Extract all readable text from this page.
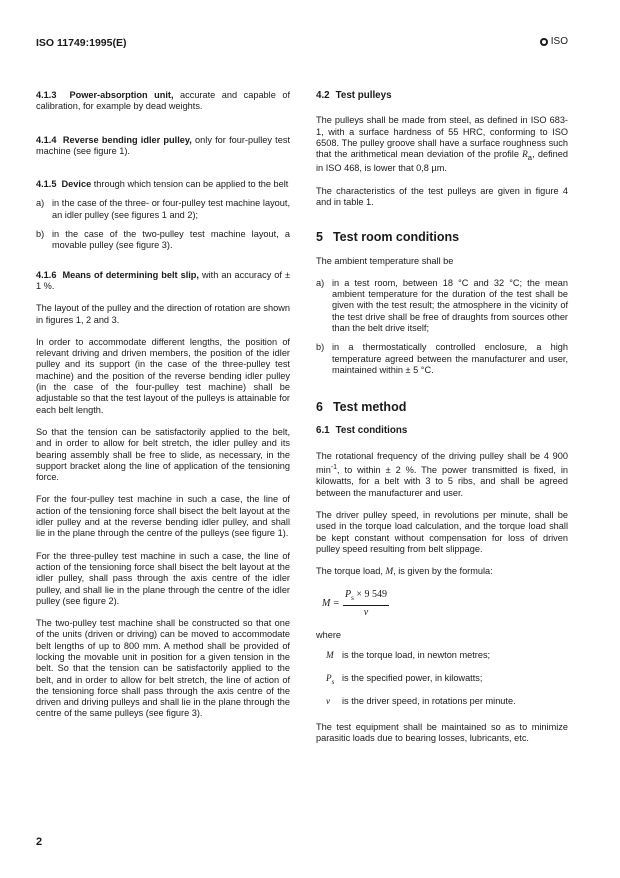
ISO 11749:1995(E)	ISO

4.1.3 Power-absorption unit, accurate and capable of calibration, for example by dead weights.

4.1.4 Reverse bending idler pulley, only for four-pulley test machine (see figure 1).

4.1.5 Device through which tension can be applied to the belt

a) in the case of the three- or four-pulley test machine layout, an idler pulley (see figures 1 and 2);
b) in the case of the two-pulley test machine layout, a movable pulley (see figure 3).

4.1.6 Means of determining belt slip, with an accuracy of ± 1 %.

The layout of the pulley and the direction of rotation are shown in figures 1, 2 and 3.

In order to accommodate different lengths, the position of relevant driving and driven members, the position of the idler pulley and its support (in the case of the three-pulley test machine) and the position of the reverse bending idler pulley (in the case of the four-pulley test machine) shall be adjustable so that the test layout of the pulleys is attainable for each belt length.

So that the tension can be satisfactorily applied to the belt, and in order to allow for belt stretch, the idler pulley and its bearing assembly shall be free to slide, as necessary, in the support bracket along the line of application of the tensioning force.

For the four-pulley test machine in such a case, the line of action of the tensioning force shall bisect the belt layout at the idler pulley and at the reverse bending idler pulley, and shall lie in the plane through the centre of the pulleys (see figure 1).

For the three-pulley test machine in such a case, the line of action of the tensioning force shall bisect the belt layout at the idler pulley, shall pass through the axis centre of the idler pulley, and shall lie in the plane through the centre of the idler pulley (see figure 2).

The two-pulley test machine shall be constructed so that one of the units (driven or driving) can be moved to accommodate belt lengths of up to 800 mm. A method shall be provided of locking the movable unit in position for a given tension in the belt. So that the tension can be satisfactorily applied to the belt, and in order to allow for belt stretch, the line of action of the tensioning force shall pass through the axis centre of the driven and driving pulleys and shall lie in the plane through the centre of the same pulleys (see figure 3).

4.2 Test pulleys

The pulleys shall be made from steel, as defined in ISO 683-1, with a surface hardness of 55 HRC, conforming to ISO 6508. The pulley groove shall have a surface roughness such that the arithmetical mean deviation of the profile $R_a$, defined in ISO 468, is lower that 0,8 µm.

The characteristics of the test pulleys are given in figure 4 and in table 1.

5 Test room conditions

The ambient temperature shall be

a) in a test room, between 18 °C and 32 °C; the mean ambient temperature for the duration of the test shall be given with the test result; the atmosphere in the vicinity of the test drive shall be free of draughts from sources other than the belt drive itself;
b) in a thermostatically controlled enclosure, a high temperature agreed between the manufacturer and user, maintained within ± 5 °C.
6 Test method
6.1 Test conditions

The rotational frequency of the driving pulley shall be 4 900 $\min^{-1}$, to within ± 2 %. The power transmitted is fixed, in kilowatts, for a belt with 3 to 5 ribs, and shall be agreed between the manufacturer and user.

The driver pulley speed, in revolutions per minute, shall be used in the torque load calculation, and the torque load shall be kept constant without compensation for loss of driven pulley speed resulting from belt slippage.

The torque load, M, is given by the formula:

$M = \frac{P_s \times 9 549}{v}$

where

M is the torque load, in newton metres;
$P_s$ is the specified power, in kilowatts;
v	is the driver speed, in rotations per minute.

The test equipment shall be maintained so as to minimize parasitic loads due to bearing losses, lubricants, etc.

2
